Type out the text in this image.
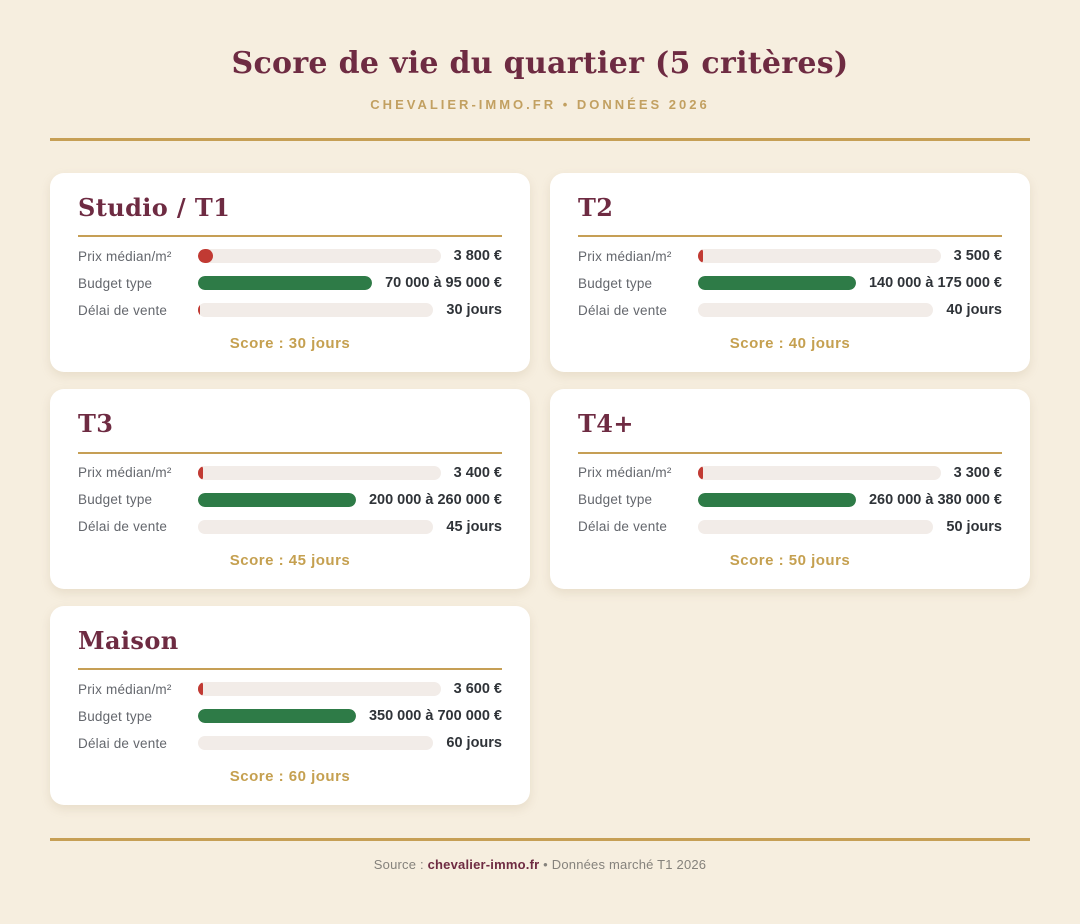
Score de vie du quartier (5 critères)
CHEVALIER-IMMO.FR • DONNÉES 2026
Studio / T1
Prix médian/m²	3 800 €
Budget type	70 000 à 95 000 €
Délai de vente	30 jours
Score : 30 jours
T2
Prix médian/m²	3 500 €
Budget type	140 000 à 175 000 €
Délai de vente	40 jours
Score : 40 jours
T3
Prix médian/m²	3 400 €
Budget type	200 000 à 260 000 €
Délai de vente	45 jours
Score : 45 jours
T4+
Prix médian/m²	3 300 €
Budget type	260 000 à 380 000 €
Délai de vente	50 jours
Score : 50 jours
Maison
Prix médian/m²	3 600 €
Budget type	350 000 à 700 000 €
Délai de vente	60 jours
Score : 60 jours
Source : chevalier-immo.fr • Données marché T1 2026
